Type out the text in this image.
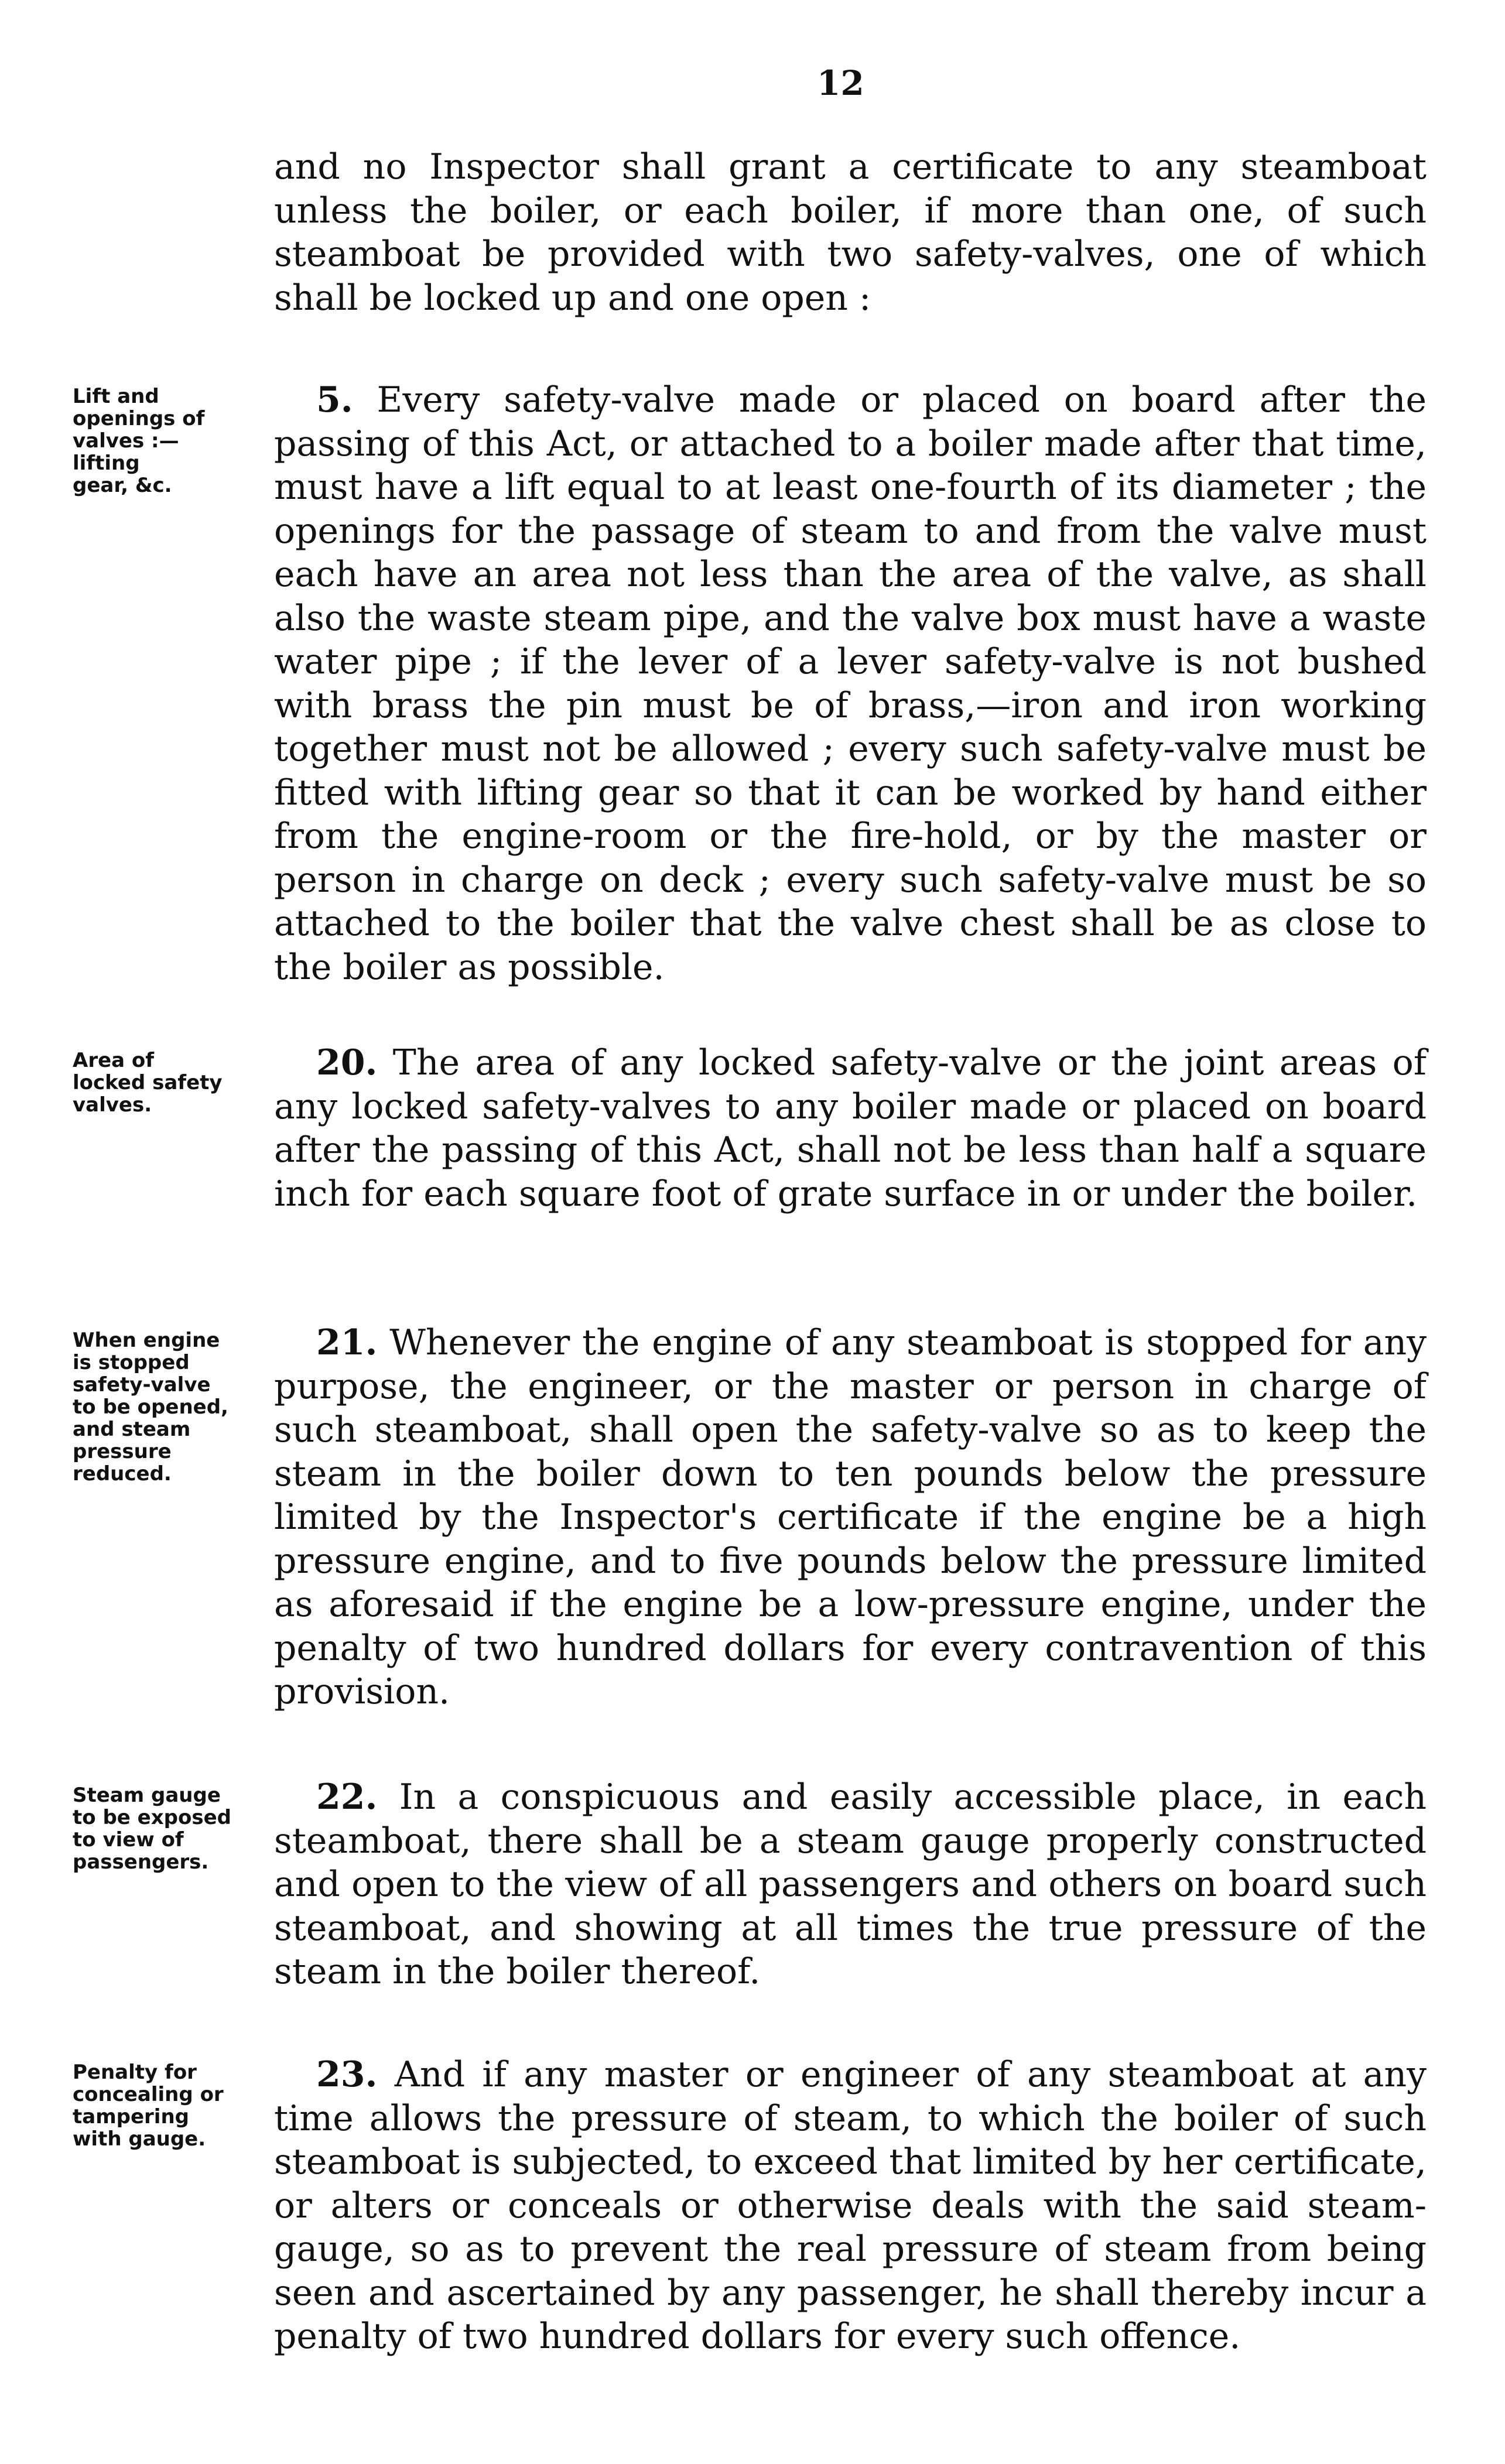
12
and no Inspector shall grant a certificate to any steamboat unless the boiler, or each boiler, if more than one, of such steamboat be provided with two safety-valves, one of which shall be locked up and one open :
Lift and
openings of
valves :—
lifting
gear, &c.
5. Every safety-valve made or placed on board after the passing of this Act, or attached to a boiler made after that time, must have a lift equal to at least one-fourth of its diameter ; the openings for the passage of steam to and from the valve must each have an area not less than the area of the valve, as shall also the waste steam pipe, and the valve box must have a waste water pipe ; if the lever of a lever safety-valve is not bushed with brass the pin must be of brass,—iron and iron working together must not be allowed ; every such safety-valve must be fitted with lifting gear so that it can be worked by hand either from the engine-room or the fire-hold, or by the master or person in charge on deck ; every such safety-valve must be so attached to the boiler that the valve chest shall be as close to the boiler as possible.
Area of
locked safety
valves.
20. The area of any locked safety-valve or the joint areas of any locked safety-valves to any boiler made or placed on board after the passing of this Act, shall not be less than half a square inch for each square foot of grate surface in or under the boiler.
When engine
is stopped
safety-valve
to be opened,
and steam
pressure
reduced.
21. Whenever the engine of any steamboat is stopped for any purpose, the engineer, or the master or person in charge of such steamboat, shall open the safety-valve so as to keep the steam in the boiler down to ten pounds below the pressure limited by the Inspector's certificate if the engine be a high pressure engine, and to five pounds below the pressure limited as aforesaid if the engine be a low-pressure engine, under the penalty of two hundred dollars for every contravention of this provision.
Steam gauge
to be exposed
to view of
passengers.
22. In a conspicuous and easily accessible place, in each steamboat, there shall be a steam gauge properly constructed and open to the view of all passengers and others on board such steamboat, and showing at all times the true pressure of the steam in the boiler thereof.
Penalty for
concealing or
tampering
with gauge.
23. And if any master or engineer of any steamboat at any time allows the pressure of steam, to which the boiler of such steamboat is subjected, to exceed that limited by her certificate, or alters or conceals or otherwise deals with the said steam-gauge, so as to prevent the real pressure of steam from being seen and ascertained by any passenger, he shall thereby incur a penalty of two hundred dollars for every such offence.
